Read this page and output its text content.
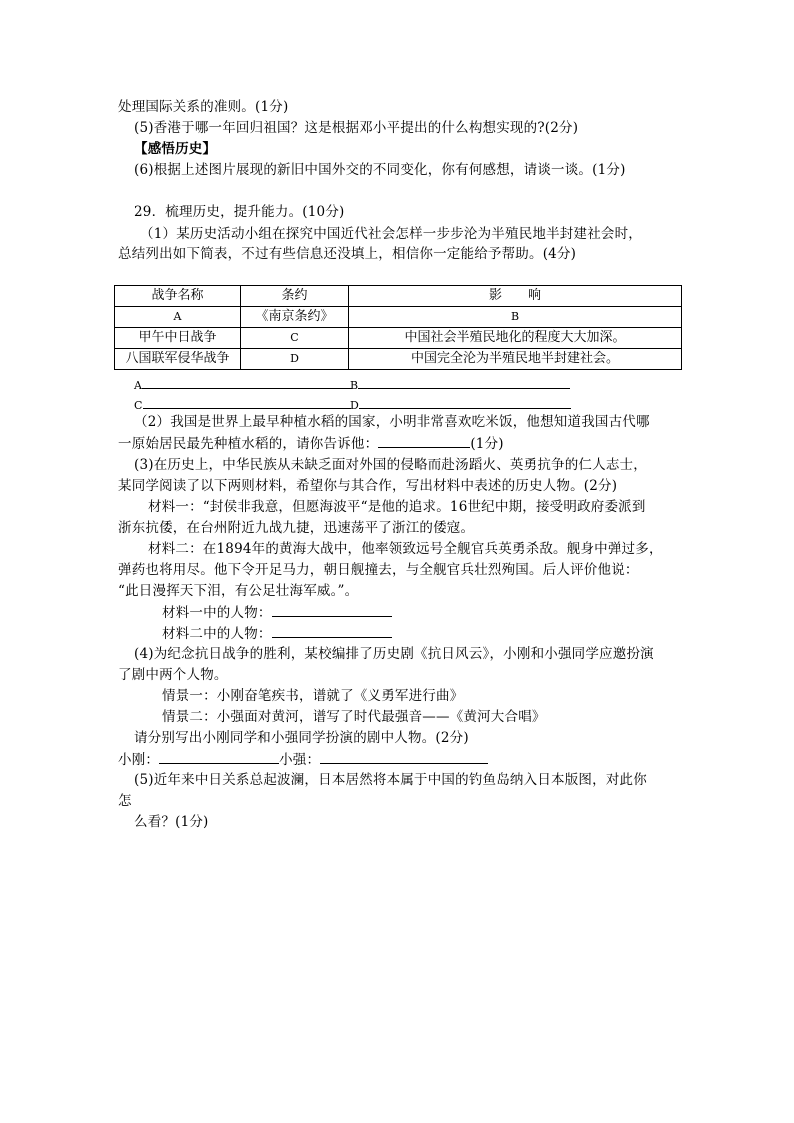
处理国际关系的准则。(1分)
(5)香港于哪一年回归祖国？这是根据邓小平提出的什么构想实现的?(2分)
【感悟历史】
(6)根据上述图片展现的新旧中国外交的不同变化，你有何感想，请谈一谈。(1分)
29．梳理历史，提升能力。(10分)
（1）某历史活动小组在探究中国近代社会怎样一步步沦为半殖民地半封建社会时，
总结列出如下简表，不过有些信息还没填上，相信你一定能给予帮助。(4分)
战争名称	条约	影　　响
A	《南京条约》	B
甲午中日战争	C	中国社会半殖民地化的程度大大加深。
八国联军侵华战争	D	中国完全沦为半殖民地半封建社会。
A	B
C	D
（2）我国是世界上最早种植水稻的国家，小明非常喜欢吃米饭，他想知道我国古代哪
一原始居民最先种植水稻的，请你告诉他：	(1分)
(3)在历史上，中华民族从未缺乏面对外国的侵略而赴汤蹈火、英勇抗争的仁人志士，
某同学阅读了以下两则材料，希望你与其合作，写出材料中表述的历史人物。(2分)
材料一：“封侯非我意，但愿海波平“是他的追求。16世纪中期，接受明政府委派到
浙东抗倭，在台州附近九战九捷，迅速荡平了浙江的倭寇。
材料二：在1894年的黄海大战中，他率领致远号全舰官兵英勇杀敌。舰身中弹过多，
弹药也将用尽。他下令开足马力，朝日舰撞去，与全舰官兵壮烈殉国。后人评价他说：
“此日漫挥天下泪，有公足壮海军威。”。
材料一中的人物：
材料二中的人物：
(4)为纪念抗日战争的胜利，某校编排了历史剧《抗日风云》，小刚和小强同学应邀扮演
了剧中两个人物。
情景一：小刚奋笔疾书，谱就了《义勇军进行曲》
情景二：小强面对黄河，谱写了时代最强音——《黄河大合唱》
请分别写出小刚同学和小强同学扮演的剧中人物。(2分)
小刚：	小强：
(5)近年来中日关系总起波澜，日本居然将本属于中国的钓鱼岛纳入日本版图，对此你
怎
么看？(1分)
